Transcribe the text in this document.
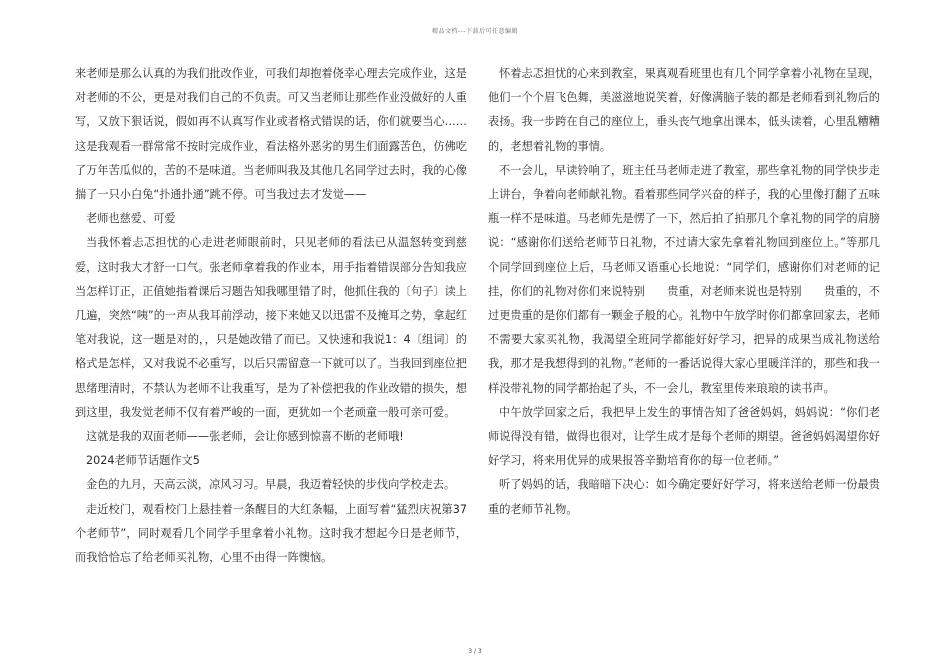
精品文档---下载后可任意编辑

来老师是那么认真的为我们批改作业，可我们却抱着侥幸心理去完成作业，这是对老师的不公，更是对我们自己的不负责。可又当老师让那些作业没做好的人重写，又放下狠话说，假如再不认真写作业或者格式错误的话，你们就要当心……这是我观看一群常常不按时完成作业，看法格外恶劣的男生们面露苦色，仿佛吃了万年苦瓜似的，苦的不是味道。当老师叫我及其他几名同学过去时，我的心像揣了一只小白兔“扑通扑通”跳不停。可当我过去才发觉——

老师也慈爱、可爱

当我怀着忐忑担忧的心走进老师眼前时，只见老师的看法已从温怒转变到慈爱，这时我大才舒一口气。张老师拿着我的作业本，用手指着错误部分告知我应当怎样订正，正值她指着课后习题告知我哪里错了时，他抓住我的〔句子〕读上几遍，突然“咦”的一声从我耳前浮动，接下来她又以迅雷不及掩耳之势，拿起红笔对我说，这一题是对的，，只是她改错了而已。又快速和我说1：4〔组词〕的格式是怎样，又对我说不必重写，以后只需留意一下就可以了。当我回到座位把思绪理清时，不禁认为老师不让我重写，是为了补偿把我的作业改错的损失，想到这里，我发觉老师不仅有着严峻的一面，更犹如一个老顽童一般可亲可爱。

这就是我的双面老师——张老师，会让你感到惊喜不断的老师哦!

2024老师节话题作文5

金色的九月，天高云淡，凉风习习。早晨，我迈着轻快的步伐向学校走去。

走近校门，观看校门上悬挂着一条醒目的大红条幅，上面写着“猛烈庆祝第37个老师节”，同时观看几个同学手里拿着小礼物。这时我才想起今日是老师节，而我恰恰忘了给老师买礼物，心里不由得一阵懊恼。

怀着忐忑担忧的心来到教室，果真观看班里也有几个同学拿着小礼物在呈现，他们一个个眉飞色舞，美滋滋地说笑着，好像满脑子装的都是老师看到礼物后的表扬。我一步跨在自己的座位上，垂头丧气地拿出课本，低头读着，心里乱糟糟的，老想着礼物的事情。

不一会儿，早读铃响了，班主任马老师走进了教室，那些拿礼物的同学快步走上讲台，争着向老师献礼物。看着那些同学兴奋的样子，我的心里像打翻了五味瓶一样不是味道。马老师先是愣了一下，然后拍了拍那几个拿礼物的同学的肩膀说：“感谢你们送给老师节日礼物，不过请大家先拿着礼物回到座位上。”等那几个同学回到座位上后，马老师又语重心长地说：“同学们，感谢你们对老师的记挂，你们的礼物对你们来说特别　　贵重，对老师来说也是特别　　贵重的，不过更贵重的是你们都有一颗金子般的心。礼物中午放学时你们都拿回家去，老师不需要大家买礼物，我渴望全班同学都能好好学习，把异的成果当成礼物送给我，那才是我想得到的礼物。”老师的一番话说得大家心里暖洋洋的，那些和我一样没带礼物的同学都抬起了头，不一会儿，教室里传来琅琅的读书声。

中午放学回家之后，我把早上发生的事情告知了爸爸妈妈，妈妈说：“你们老师说得没有错，做得也很对，让学生成才是每个老师的期望。爸爸妈妈渴望你好好学习，将来用优异的成果报答辛勤培育你的每一位老师。”

听了妈妈的话，我暗暗下决心：如今确定要好好学习，将来送给老师一份最贵重的老师节礼物。

3 / 3
